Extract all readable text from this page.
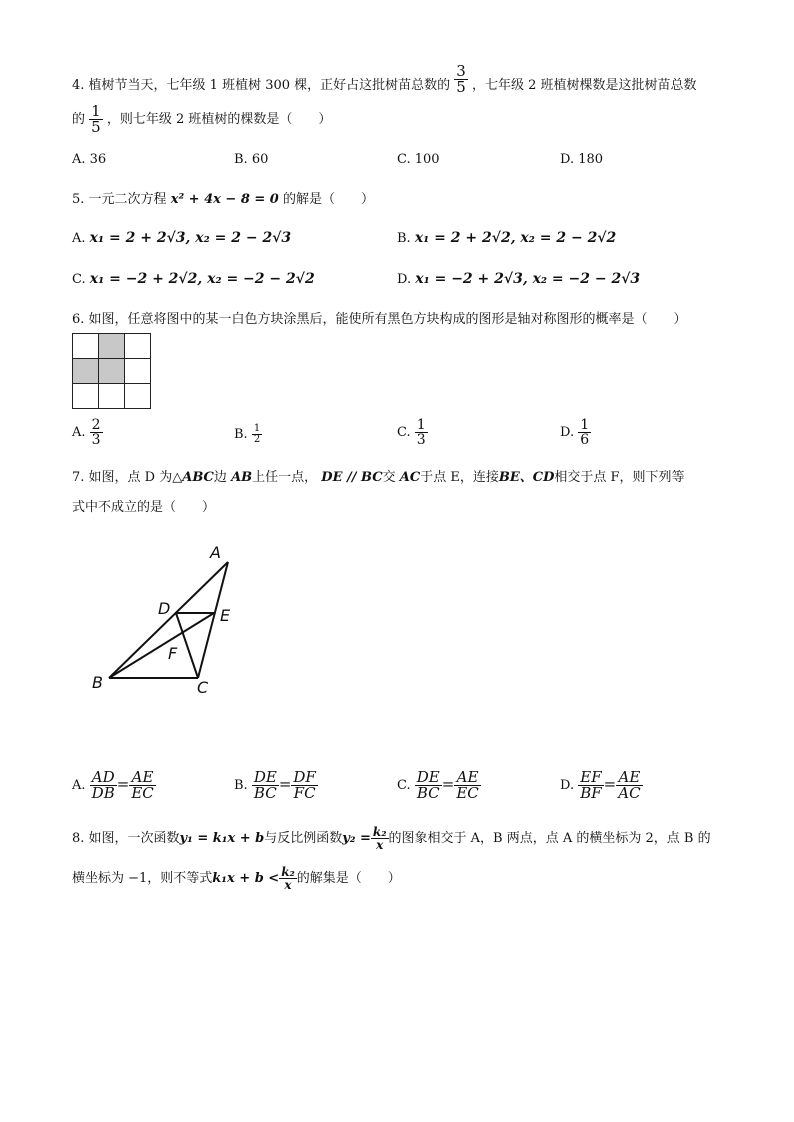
4. 植树节当天，七年级 1 班植树 300 棵，正好占这批树苗总数的 $\frac{3}{5}$ ，七年级 2 班植树棵数是这批树苗总数
的 $\frac{1}{5}$ ，则七年级 2 班植树的棵数是（　　）
A. 36	B. 60	C. 100	D. 180
5. 一元二次方程 x² + 4x − 8 = 0 的解是（　　）
A. x₁ = 2 + 2√3, x₂ = 2 − 2√3	B. x₁ = 2 + 2√2, x₂ = 2 − 2√2
C. x₁ = −2 + 2√2, x₂ = −2 − 2√2	D. x₁ = −2 + 2√3, x₂ = −2 − 2√3
6. 如图，任意将图中的某一白色方块涂黑后，能使所有黑色方块构成的图形是轴对称图形的概率是（　　）

A. $\frac{2}{3}$	B. $\frac{1}{2}$	C. $\frac{1}{3}$	D. $\frac{1}{6}$
7. 如图，点 D 为△ABC边 AB上任一点， DE // BC交 AC于点 E，连接BE、CD相交于点 F，则下列等
式中不成立的是（　　）
A
D	E
F
B	C
A. $\frac{AD}{DB} = \frac{AE}{EC}$	B. $\frac{DE}{BC} = \frac{DF}{FC}$	C. $\frac{DE}{BC} = \frac{AE}{EC}$	D. $\frac{EF}{BF} = \frac{AE}{AC}$
8. 如图，一次函数y₁ = k₁x + b与反比例函数$y_2 = \frac{\text{k₂}}{x}$ 的图象相交于 A，B 两点，点 A 的横坐标为 2，点 B 的
横坐标为 −1，则不等式$k_1x + b < \frac{\text{k₂}}{x}$ 的解集是（　　）
